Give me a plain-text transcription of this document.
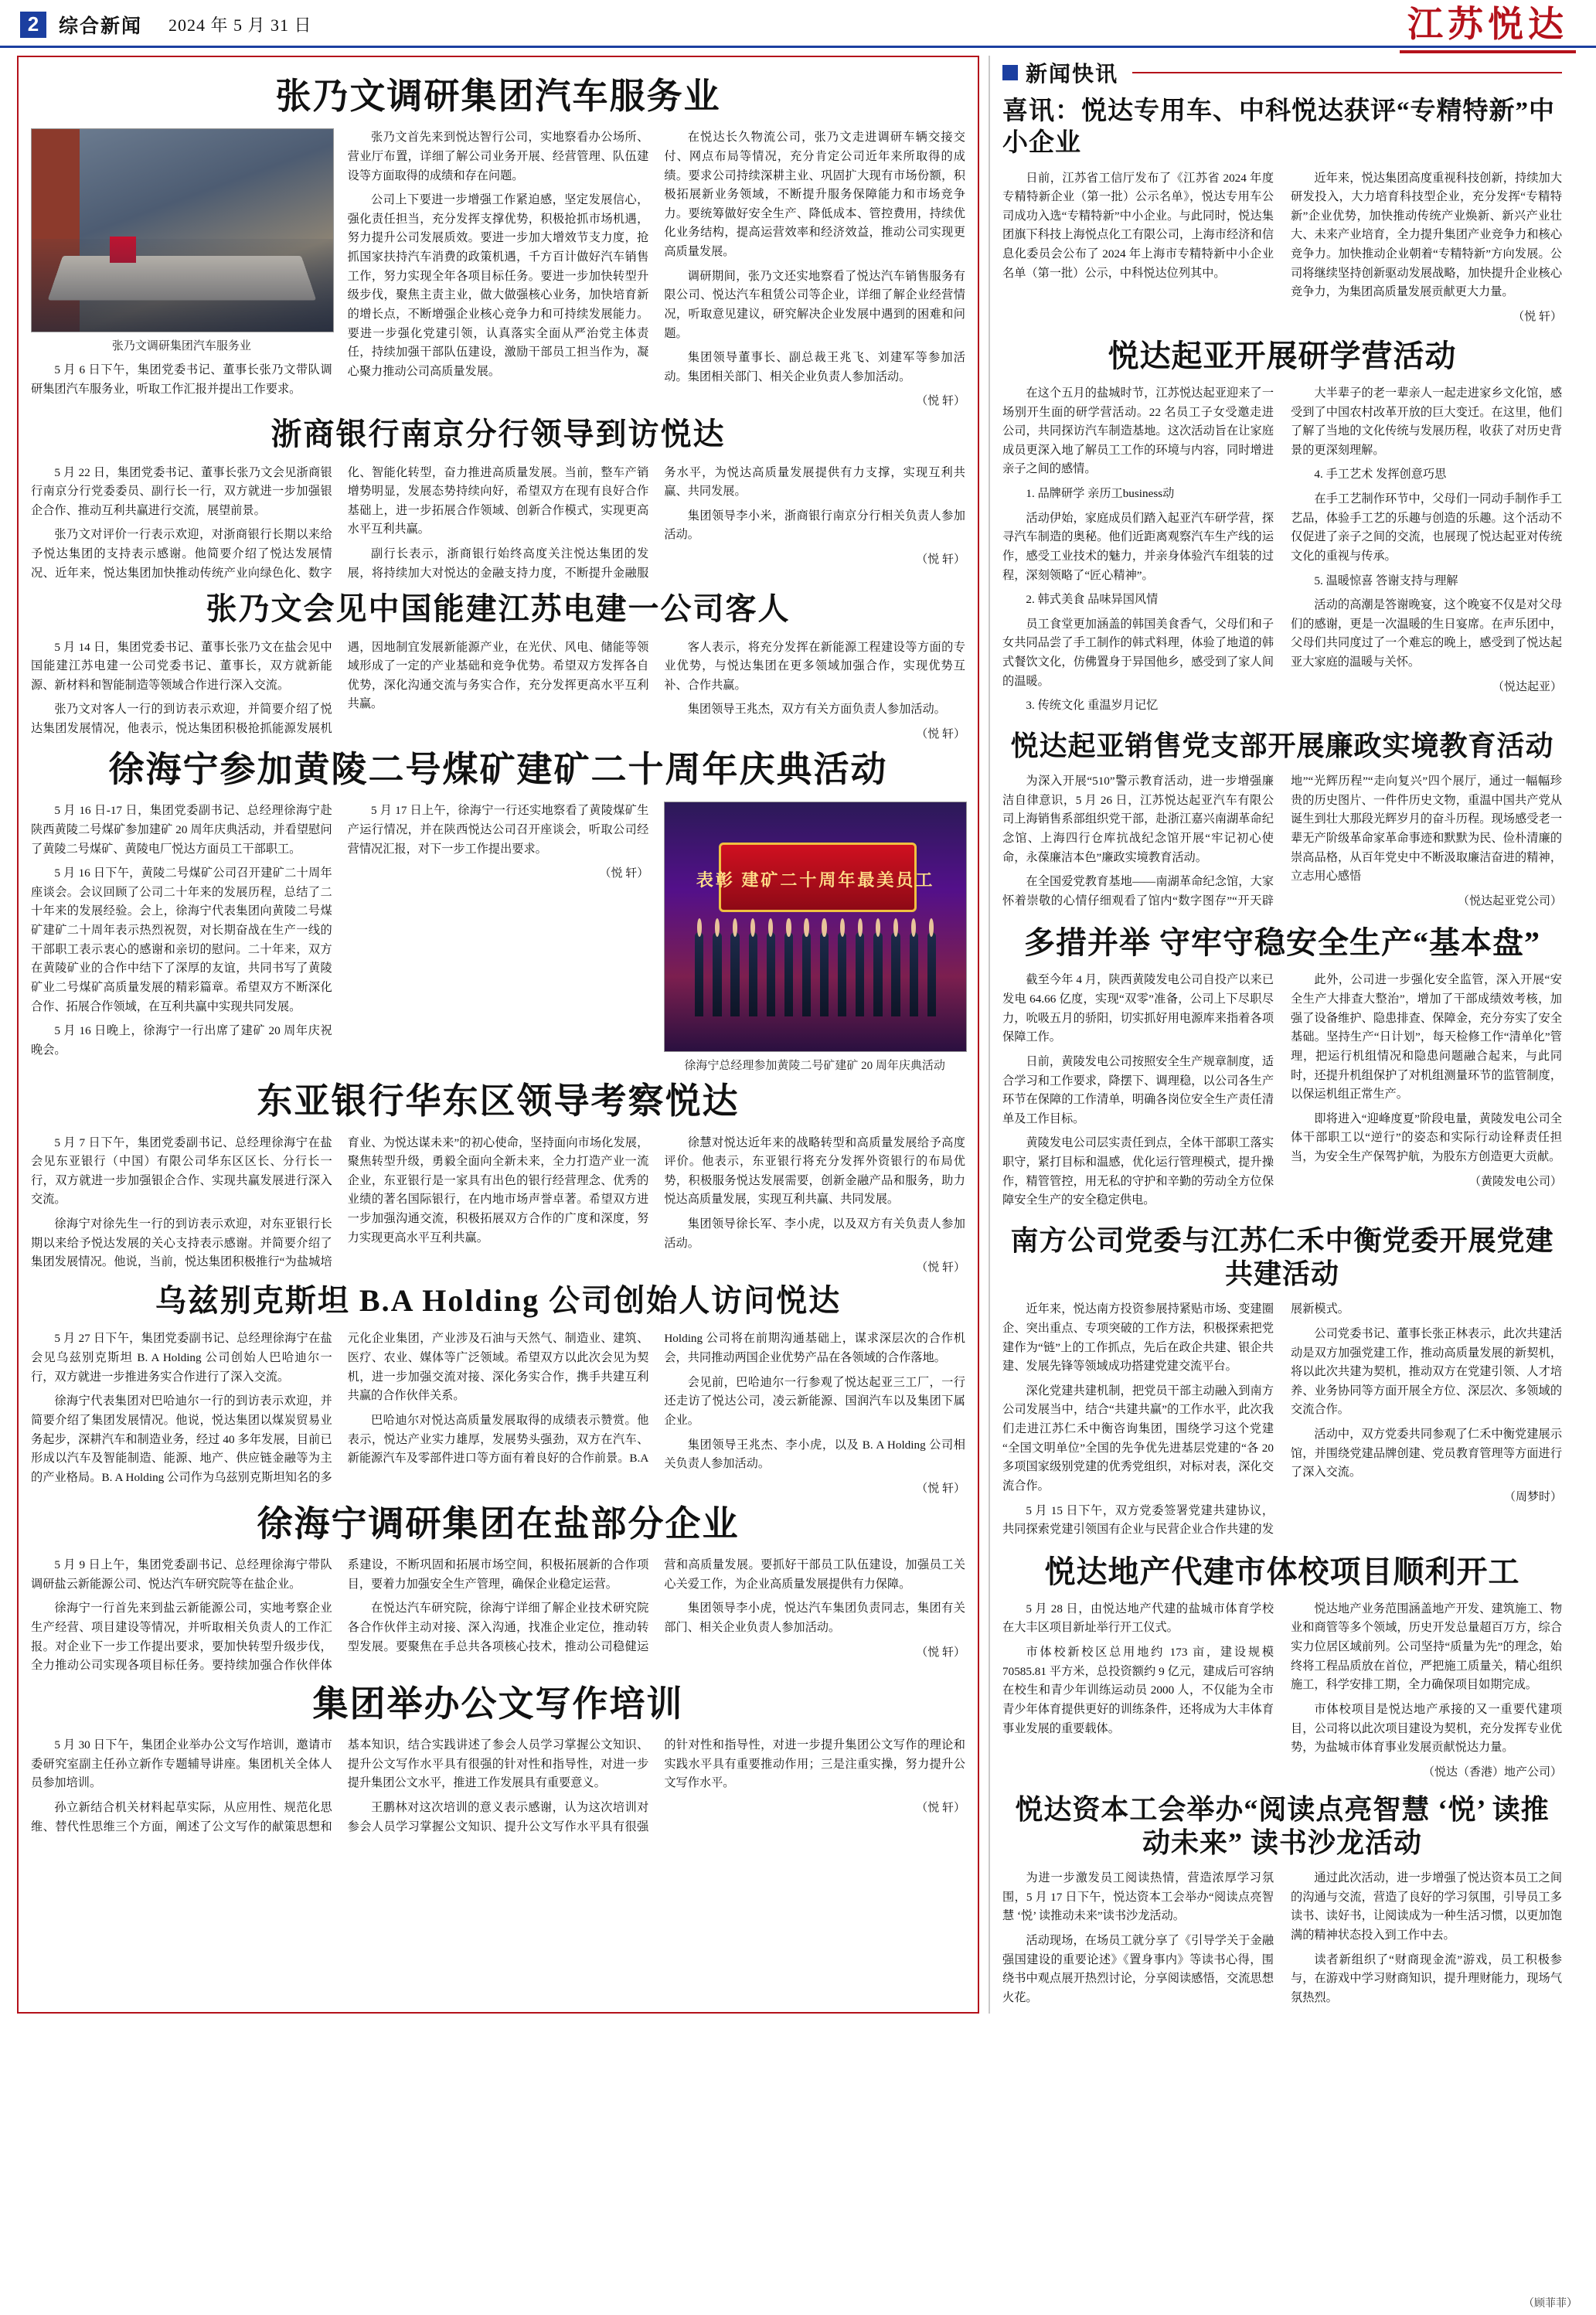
2	综合新闻 2024 年 5 月 31 日	江苏悦达
张乃文调研集团汽车服务业
张乃文调研集团汽车服务业

5 月 6 日下午，集团党委书记、董事长张乃文带队调研集团汽车服务业，听取工作汇报并提出工作要求。

张乃文首先来到悦达智行公司，实地察看办公场所、营业厅布置，详细了解公司业务开展、经营管理、队伍建设等方面取得的成绩和存在问题。

公司上下要进一步增强工作紧迫感，坚定发展信心，强化责任担当，充分发挥支撑优势，积极抢抓市场机遇，努力提升公司发展质效。要进一步加大增效节支力度，抢抓国家扶持汽车消费的政策机遇，千方百计做好汽车销售工作，努力实现全年各项目标任务。要进一步加快转型升级步伐，聚焦主责主业，做大做强核心业务，加快培育新的增长点，不断增强企业核心竞争力和可持续发展能力。要进一步强化党建引领，认真落实全面从严治党主体责任，持续加强干部队伍建设，激励干部员工担当作为，凝心聚力推动公司高质量发展。

在悦达长久物流公司，张乃文走进调研车辆交接交付、网点布局等情况，充分肯定公司近年来所取得的成绩。要求公司持续深耕主业、巩固扩大现有市场份额，积极拓展新业务领域，不断提升服务保障能力和市场竞争力。要统筹做好安全生产、降低成本、管控费用，持续优化业务结构，提高运营效率和经济效益，推动公司实现更高质量发展。

调研期间，张乃文还实地察看了悦达汽车销售服务有限公司、悦达汽车租赁公司等企业，详细了解企业经营情况，听取意见建议，研究解决企业发展中遇到的困难和问题。

集团领导董事长、副总裁王兆飞、刘建军等参加活动。集团相关部门、相关企业负责人参加活动。

（悦 轩）
浙商银行南京分行领导到访悦达

5 月 22 日，集团党委书记、董事长张乃文会见浙商银行南京分行党委委员、副行长一行，双方就进一步加强银企合作、推动互利共赢进行交流，展望前景。

张乃文对评价一行表示欢迎，对浙商银行长期以来给予悦达集团的支持表示感谢。他简要介绍了悦达发展情况、近年来，悦达集团加快推动传统产业向绿色化、数字化、智能化转型，奋力推进高质量发展。当前，整车产销增势明显，发展态势持续向好，希望双方在现有良好合作基础上，进一步拓展合作领域、创新合作模式，实现更高水平互利共赢。

副行长表示，浙商银行始终高度关注悦达集团的发展，将持续加大对悦达的金融支持力度，不断提升金融服务水平，为悦达高质量发展提供有力支撑，实现互利共赢、共同发展。

集团领导李小米，浙商银行南京分行相关负责人参加活动。

（悦 轩）
张乃文会见中国能建江苏电建一公司客人

5 月 14 日，集团党委书记、董事长张乃文在盐会见中国能建江苏电建一公司党委书记、董事长，双方就新能源、新材料和智能制造等领域合作进行深入交流。

张乃文对客人一行的到访表示欢迎，并简要介绍了悦达集团发展情况，他表示，悦达集团积极抢抓能源发展机遇，因地制宜发展新能源产业，在光伏、风电、储能等领域形成了一定的产业基础和竞争优势。希望双方发挥各自优势，深化沟通交流与务实合作，充分发挥更高水平互利共赢。

客人表示，将充分发挥在新能源工程建设等方面的专业优势，与悦达集团在更多领域加强合作，实现优势互补、合作共赢。

集团领导王兆杰，双方有关方面负责人参加活动。

（悦 轩）
徐海宁参加黄陵二号煤矿建矿二十周年庆典活动

5 月 16 日-17 日，集团党委副书记、总经理徐海宁赴陕西黄陵二号煤矿参加建矿 20 周年庆典活动，并看望慰问了黄陵二号煤矿、黄陵电厂悦达方面员工干部职工。

5 月 16 日下午，黄陵二号煤矿公司召开建矿二十周年座谈会。会议回顾了公司二十年来的发展历程，总结了二十年来的发展经验。会上，徐海宁代表集团向黄陵二号煤矿建矿二十周年表示热烈祝贺，对长期奋战在生产一线的干部职工表示衷心的感谢和亲切的慰问。二十年来，双方在黄陵矿业的合作中结下了深厚的友谊，共同书写了黄陵矿业二号煤矿高质量发展的精彩篇章。希望双方不断深化合作、拓展合作领域，在互利共赢中实现共同发展。

5 月 16 日晚上，徐海宁一行出席了建矿 20 周年庆祝晚会。

5 月 17 日上午，徐海宁一行还实地察看了黄陵煤矿生产运行情况，并在陕西悦达公司召开座谈会，听取公司经营情况汇报，对下一步工作提出要求。

（悦 轩）	表彰 建矿二十周年最美员工
徐海宁总经理参加黄陵二号矿建矿 20 周年庆典活动
东亚银行华东区领导考察悦达

5 月 7 日下午，集团党委副书记、总经理徐海宁在盐会见东亚银行（中国）有限公司华东区区长、分行长一行，双方就进一步加强银企合作、实现共赢发展进行深入交流。

徐海宁对徐先生一行的到访表示欢迎，对东亚银行长期以来给予悦达发展的关心支持表示感谢。并简要介绍了集团发展情况。他说，当前，悦达集团积极推行“为盐城培育业、为悦达谋未来”的初心使命，坚持面向市场化发展，聚焦转型升级，勇毅全面向全新未来，全力打造产业一流企业，东亚银行是一家具有出色的银行经营理念、优秀的业绩的著名国际银行，在内地市场声誉卓著。希望双方进一步加强沟通交流，积极拓展双方合作的广度和深度，努力实现更高水平互利共赢。

徐慧对悦达近年来的战略转型和高质量发展给予高度评价。他表示，东亚银行将充分发挥外资银行的布局优势，积极服务悦达发展需要，创新金融产品和服务，助力悦达高质量发展，实现互利共赢、共同发展。

集团领导徐长军、李小虎，以及双方有关负责人参加活动。

（悦 轩）
乌兹别克斯坦 B.A Holding 公司创始人访问悦达

5 月 27 日下午，集团党委副书记、总经理徐海宁在盐会见乌兹别克斯坦 B. A Holding 公司创始人巴哈迪尔一行，双方就进一步推进务实合作进行了深入交流。

徐海宁代表集团对巴哈迪尔一行的到访表示欢迎，并简要介绍了集团发展情况。他说，悦达集团以煤炭贸易业务起步，深耕汽车和制造业务，经过 40 多年发展，目前已形成以汽车及智能制造、能源、地产、供应链金融等为主的产业格局。B. A Holding 公司作为乌兹别克斯坦知名的多元化企业集团，产业涉及石油与天然气、制造业、建筑、医疗、农业、媒体等广泛领域。希望双方以此次会见为契机，进一步加强交流对接、深化务实合作，携手共建互利共赢的合作伙伴关系。

巴哈迪尔对悦达高质量发展取得的成绩表示赞赏。他表示，悦达产业实力雄厚，发展势头强劲，双方在汽车、新能源汽车及零部件进口等方面有着良好的合作前景。B.A Holding 公司将在前期沟通基础上，谋求深层次的合作机会，共同推动两国企业优势产品在各领域的合作落地。

会见前，巴哈迪尔一行参观了悦达起亚三工厂，一行还走访了悦达公司，凌云新能源、国润汽车以及集团下属企业。

集团领导王兆杰、李小虎，以及 B. A Holding 公司相关负责人参加活动。

（悦 轩）
徐海宁调研集团在盐部分企业

5 月 9 日上午，集团党委副书记、总经理徐海宁带队调研盐云新能源公司、悦达汽车研究院等在盐企业。

徐海宁一行首先来到盐云新能源公司，实地考察企业生产经营、项目建设等情况，并听取相关负责人的工作汇报。对企业下一步工作提出要求，要加快转型升级步伐，全力推动公司实现各项目标任务。要持续加强合作伙伴体系建设，不断巩固和拓展市场空间，积极拓展新的合作项目，要着力加强安全生产管理，确保企业稳定运营。

在悦达汽车研究院，徐海宁详细了解企业技术研究院各合作伙伴主动对接、深入沟通，找准企业定位，推动转型发展。要聚焦在手总共各项核心技术，推动公司稳健运营和高质量发展。要抓好干部员工队伍建设，加强员工关心关爱工作，为企业高质量发展提供有力保障。

集团领导李小虎，悦达汽车集团负责同志，集团有关部门、相关企业负责人参加活动。

（悦 轩）
集团举办公文写作培训

5 月 30 日下午，集团企业举办公文写作培训，邀请市委研究室副主任孙立新作专题辅导讲座。集团机关全体人员参加培训。

孙立新结合机关材料起草实际，从应用性、规范化思维、替代性思维三个方面，阐述了公文写作的献策思想和基本知识，结合实践讲述了参会人员学习掌握公文知识、提升公文写作水平具有很强的针对性和指导性，对进一步提升集团公文水平，推进工作发展具有重要意义。

王鹏林对这次培训的意义表示感谢，认为这次培训对参会人员学习掌握公文知识、提升公文写作水平具有很强的针对性和指导性，对进一步提升集团公文写作的理论和实践水平具有重要推动作用；三是注重实操，努力提升公文写作水平。

（悦 轩）
新闻快讯
喜讯：悦达专用车、中科悦达获评“专精特新”中小企业

日前，江苏省工信厅发布了《江苏省 2024 年度专精特新企业（第一批）公示名单》，悦达专用车公司成功入选“专精特新”中小企业。与此同时，悦达集团旗下科技上海悦点化工有限公司，上海市经济和信息化委员会公布了 2024 年上海市专精特新中小企业名单（第一批）公示，中科悦达位列其中。

近年来，悦达集团高度重视科技创新，持续加大研发投入，大力培育科技型企业，充分发挥“专精特新”企业优势，加快推动传统产业焕新、新兴产业壮大、未来产业培育，全力提升集团产业竞争力和核心竞争力。加快推动企业朝着“专精特新”方向发展。公司将继续坚持创新驱动发展战略，加快提升企业核心竞争力，为集团高质量发展贡献更大力量。

（悦 轩）
悦达起亚开展研学营活动

在这个五月的盐城时节，江苏悦达起亚迎来了一场别开生面的研学营活动。22 名员工子女受邀走进公司，共同探访汽车制造基地。这次活动旨在让家庭成员更深入地了解员工工作的环境与内容，同时增进亲子之间的感情。

1. 品牌研学 亲历工business动

活动伊始，家庭成员们踏入起亚汽车研学营，探寻汽车制造的奥秘。他们近距离观察汽车生产线的运作，感受工业技术的魅力，并亲身体验汽车组装的过程，深刻领略了“匠心精神”。

2. 韩式美食 品味异国风情

员工食堂更加涵盖的韩国美食香气，父母们和子女共同品尝了手工制作的韩式料理，体验了地道的韩式餐饮文化，仿佛置身于异国他乡，感受到了家人间的温暖。

3. 传统文化 重温岁月记忆

大半辈子的老一辈亲人一起走进家乡文化馆，感受到了中国农村改革开放的巨大变迁。在这里，他们了解了当地的文化传统与发展历程，收获了对历史背景的更深刻理解。

4. 手工艺术 发挥创意巧思

在手工艺制作环节中，父母们一同动手制作手工艺品，体验手工艺的乐趣与创造的乐趣。这个活动不仅促进了亲子之间的交流，也展现了悦达起亚对传统文化的重视与传承。

5. 温暖惊喜 答谢支持与理解

活动的高潮是答谢晚宴，这个晚宴不仅是对父母们的感谢，更是一次温暖的生日宴席。在声乐团中，父母们共同度过了一个难忘的晚上，感受到了悦达起亚大家庭的温暖与关怀。

（悦达起亚）
悦达起亚销售党支部开展廉政实境教育活动

为深入开展“510”警示教育活动，进一步增强廉洁自律意识，5 月 26 日，江苏悦达起亚汽车有限公司上海销售系部组织党干部，赴浙江嘉兴南湖革命纪念馆、上海四行仓库抗战纪念馆开展“牢记初心使命，永葆廉洁本色”廉政实境教育活动。

在全国爱党教育基地——南湖革命纪念馆，大家怀着崇敬的心情仔细观看了馆内“数字图存”“开天辟地”“光辉历程”“走向复兴”四个展厅，通过一幅幅珍贵的历史图片、一件件历史文物，重温中国共产党从诞生到壮大那段光辉岁月的奋斗历程。现场感受老一辈无产阶级革命家革命事迹和默默为民、俭朴清廉的崇高品格，从百年党史中不断汲取廉洁奋进的精神，立志用心感悟

（悦达起亚党公司）
多措并举 守牢守稳安全生产“基本盘”

截至今年 4 月，陕西黄陵发电公司自投产以来已发电 64.66 亿度，实现“双零”准备，公司上下尽职尽力，吮吸五月的骄阳，切实抓好用电源库来指着各项保障工作。

日前，黄陵发电公司按照安全生产规章制度，适合学习和工作要求，降摆下、调理稳，以公司各生产环节在保障的工作清单，明确各岗位安全生产责任清单及工作目标。

黄陵发电公司层实责任到点，全体干部职工落实职守，紧打目标和温感，优化运行管理模式，提升操作，精管管控，用无私的守护和辛勤的劳动全方位保障安全生产的安全稳定供电。

此外，公司进一步强化安全监管，深入开展“安全生产大排查大整治”，增加了干部成绩效考核，加强了设备维护、隐患排查、保障金，充分夯实了安全基础。坚持生产“日计划”，每天检修工作“清单化”管理，把运行机组情况和隐患问题融合起来，与此同时，还提升机组保护了对机组测量环节的监管制度，以保运机组正常生产。

即将进入“迎峰度夏”阶段电量，黄陵发电公司全体干部职工以“逆行”的姿态和实际行动诠释责任担当，为安全生产保驾护航，为股东方创造更大贡献。

（黄陵发电公司）
南方公司党委与江苏仁禾中衡党委开展党建共建活动

近年来，悦达南方投资参展持紧贴市场、变建圈企、突出重点、专项突破的工作方法，积极探索把党建作为“链”上的工作抓点，先后在政企共建、银企共建、发展先锋等领域成功搭建党建交流平台。

深化党建共建机制，把党员干部主动融入到南方公司发展当中，结合“共建共赢”的工作水平，此次我们走进江苏仁禾中衡咨询集团，围绕学习这个党建“全国文明单位”全国的先争优先进基层党建的“各 20 多项国家级别党建的优秀党组织，对标对表，深化交流合作。

5 月 15 日下午，双方党委签署党建共建协议，共同探索党建引领国有企业与民营企业合作共建的发展新模式。

公司党委书记、董事长张正林表示，此次共建活动是双方加强党建工作，推动高质量发展的新契机，将以此次共建为契机，推动双方在党建引领、人才培养、业务协同等方面开展全方位、深层次、多领域的交流合作。

活动中，双方党委共同参观了仁禾中衡党建展示馆，并围绕党建品牌创建、党员教育管理等方面进行了深入交流。

（周梦时）
悦达地产代建市体校项目顺利开工

5 月 28 日，由悦达地产代建的盐城市体育学校在大丰区项目新址举行开工仪式。

市体校新校区总用地约 173 亩，建设规模 70585.81 平方米，总投资额约 9 亿元，建成后可容纳在校生和青少年训练运动员 2000 人，不仅能为全市青少年体育提供更好的训练条件，还将成为大丰体育事业发展的重要载体。

悦达地产业务范围涵盖地产开发、建筑施工、物业和商管等多个领域，历史开发总量超百万方，综合实力位居区域前列。公司坚持“质量为先”的理念，始终将工程品质放在首位，严把施工质量关，精心组织施工，科学安排工期，全力确保项目如期完成。

市体校项目是悦达地产承接的又一重要代建项目，公司将以此次项目建设为契机，充分发挥专业优势，为盐城市体育事业发展贡献悦达力量。

（悦达（香港）地产公司）
悦达资本工会举办“阅读点亮智慧 ‘悦’ 读推动未来” 读书沙龙活动

为进一步激发员工阅读热情，营造浓厚学习氛围，5 月 17 日下午，悦达资本工会举办“阅读点亮智慧 ‘悦’ 读推动未来”读书沙龙活动。

活动现场，在场员工就分享了《引导学关于金融强国建设的重要论述》《置身事内》等读书心得，围绕书中观点展开热烈讨论，分享阅读感悟，交流思想火花。

通过此次活动，进一步增强了悦达资本员工之间的沟通与交流，营造了良好的学习氛围，引导员工多读书、读好书，让阅读成为一种生活习惯，以更加饱满的精神状态投入到工作中去。

读者新组织了“财商现金流”游戏，员工积极参与，在游戏中学习财商知识，提升理财能力，现场气氛热烈。

（顾菲菲）
